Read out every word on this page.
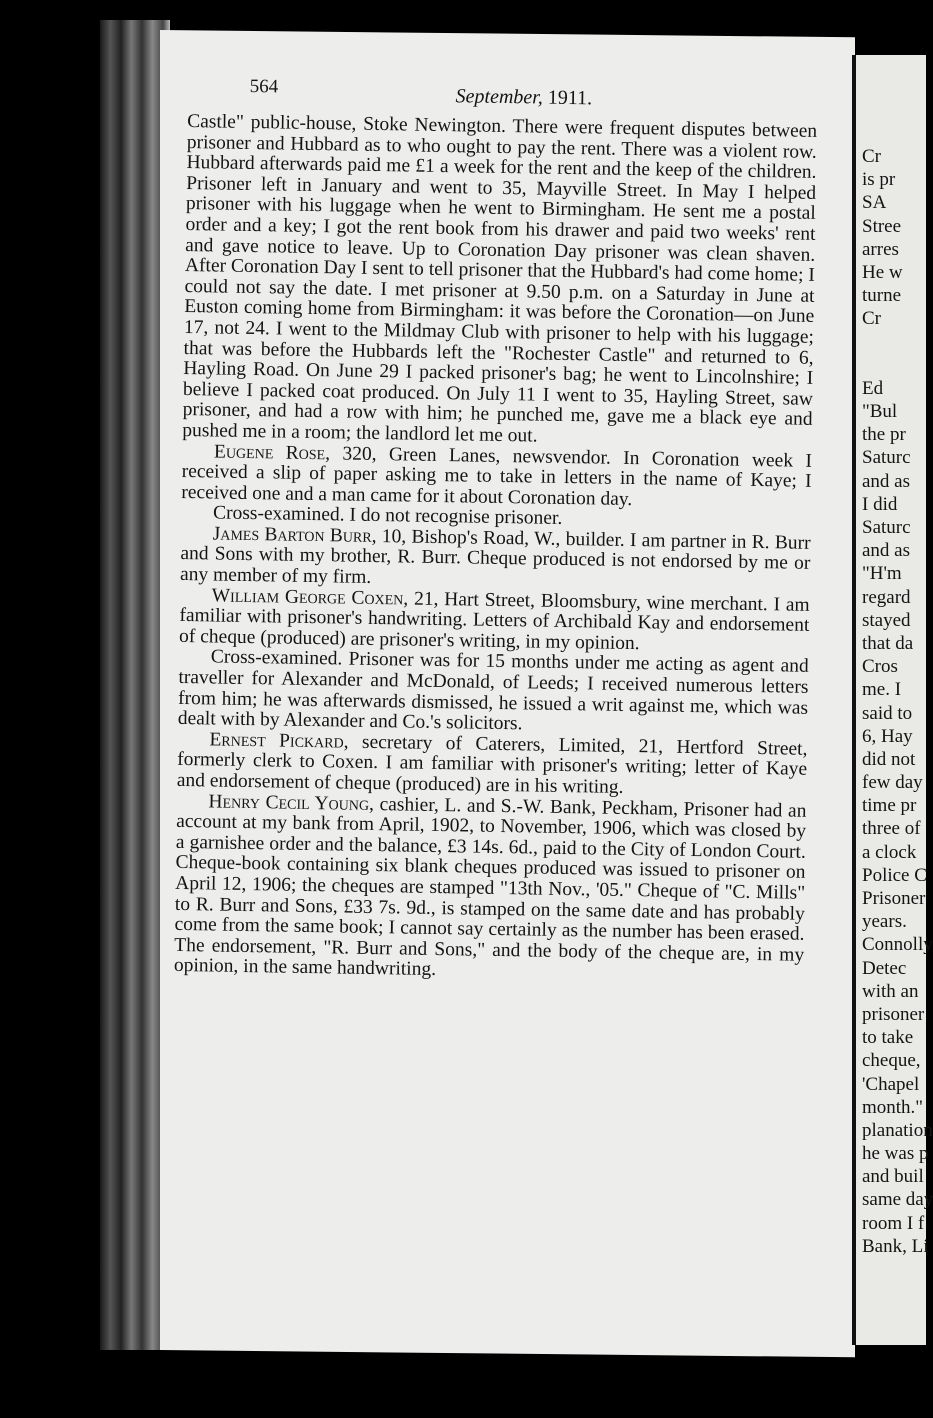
564	September, 1911.

Castle" public-house, Stoke Newington. There were frequent disputes between prisoner and Hubbard as to who ought to pay the rent. There was a violent row. Hubbard afterwards paid me £1 a week for the rent and the keep of the children. Prisoner left in January and went to 35, Mayville Street. In May I helped prisoner with his luggage when he went to Birmingham. He sent me a postal order and a key; I got the rent book from his drawer and paid two weeks' rent and gave notice to leave. Up to Coronation Day prisoner was clean shaven. After Coronation Day I sent to tell prisoner that the Hubbard's had come home; I could not say the date. I met prisoner at 9.50 p.m. on a Saturday in June at Euston coming home from Birmingham: it was before the Coronation—on June 17, not 24. I went to the Mildmay Club with prisoner to help with his luggage; that was before the Hubbards left the "Rochester Castle" and returned to 6, Hayling Road. On June 29 I packed prisoner's bag; he went to Lincolnshire; I believe I packed coat produced. On July 11 I went to 35, Hayling Street, saw prisoner, and had a row with him; he punched me, gave me a black eye and pushed me in a room; the landlord let me out.

Eugene Rose, 320, Green Lanes, newsvendor. In Coronation week I received a slip of paper asking me to take in letters in the name of Kaye; I received one and a man came for it about Coronation day.

Cross-examined. I do not recognise prisoner.

James Barton Burr, 10, Bishop's Road, W., builder. I am partner in R. Burr and Sons with my brother, R. Burr. Cheque produced is not endorsed by me or any member of my firm.

William George Coxen, 21, Hart Street, Bloomsbury, wine merchant. I am familiar with prisoner's handwriting. Letters of Archibald Kay and endorsement of cheque (produced) are prisoner's writing, in my opinion.

Cross-examined. Prisoner was for 15 months under me acting as agent and traveller for Alexander and McDonald, of Leeds; I received numerous letters from him; he was afterwards dismissed, he issued a writ against me, which was dealt with by Alexander and Co.'s solicitors.

Ernest Pickard, secretary of Caterers, Limited, 21, Hertford Street, formerly clerk to Coxen. I am familiar with prisoner's writing; letter of Kaye and endorsement of cheque (produced) are in his writing.

Henry Cecil Young, cashier, L. and S.-W. Bank, Peckham, Prisoner had an account at my bank from April, 1902, to November, 1906, which was closed by a garnishee order and the balance, £3 14s. 6d., paid to the City of London Court. Cheque-book containing six blank cheques produced was issued to prisoner on April 12, 1906; the cheques are stamped "13th Nov., '05." Cheque of "C. Mills" to R. Burr and Sons, £33 7s. 9d., is stamped on the same date and has probably come from the same book; I cannot say certainly as the number has been erased. The endorsement, "R. Burr and Sons," and the body of the cheque are, in my opinion, in the same handwriting.

Cr
is pr
SA
Stree
arres
He w
turne
Cr
Ed
"Bul
the pr
Saturc
and as
I did
Saturc
and as
"H'm
regard
stayed
that da
Cros
me. I
said to
6, Hay
did not
few day
time pr
three of
a clock
Police C
Prisoner
years.
Connolly
Detec
with an
prisoner
to take
cheque,
'Chapel
month."
planation
he was p
and buil
same day
room I f
Bank, Li
